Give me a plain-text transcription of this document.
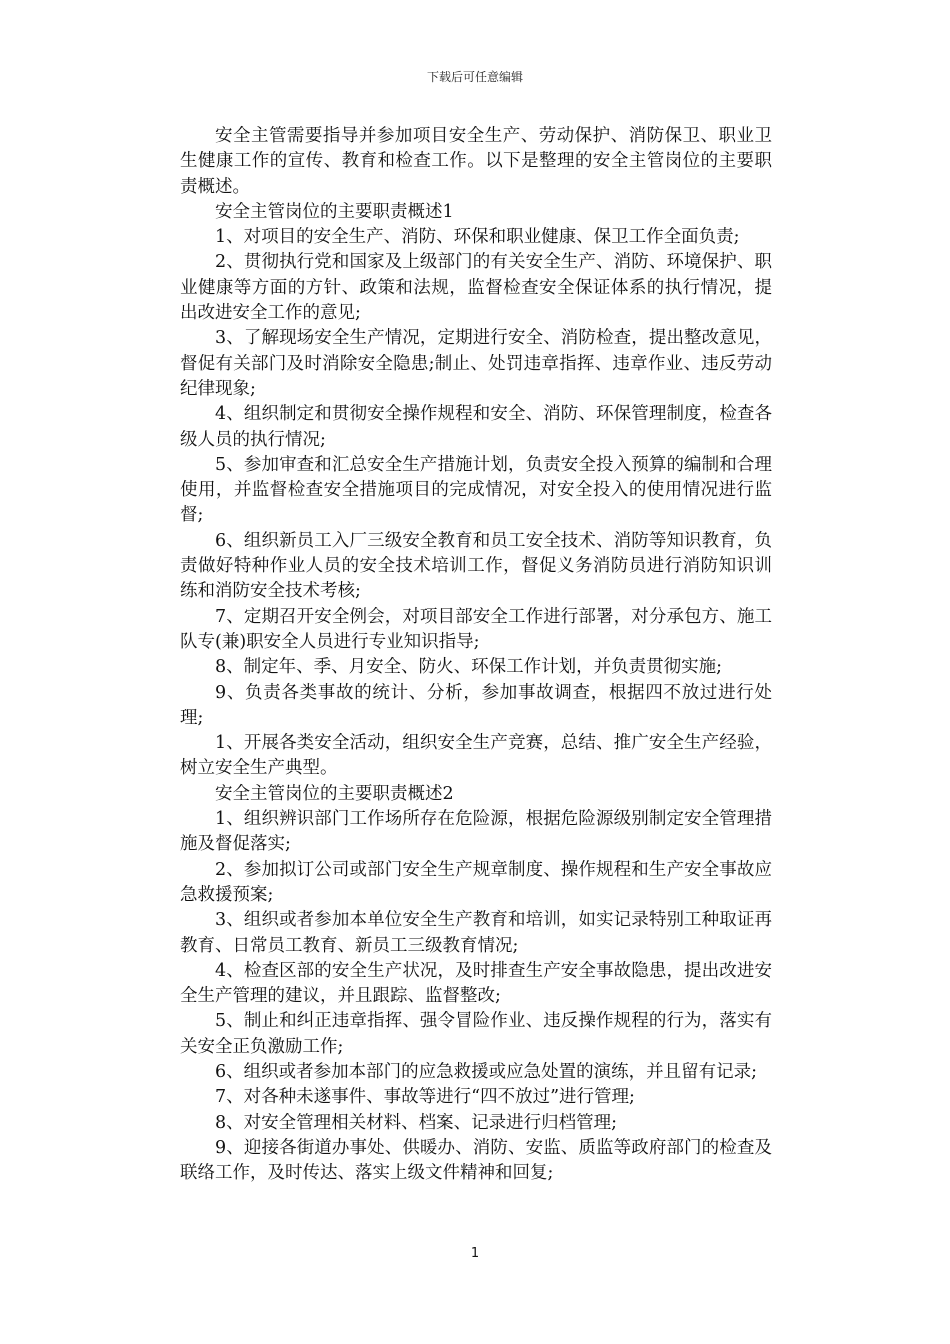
下载后可任意编辑

安全主管需要指导并参加项目安全生产、劳动保护、消防保卫、职业卫生健康工作的宣传、教育和检查工作。以下是整理的安全主管岗位的主要职责概述。

安全主管岗位的主要职责概述1

1、对项目的安全生产、消防、环保和职业健康、保卫工作全面负责;

2、贯彻执行党和国家及上级部门的有关安全生产、消防、环境保护、职业健康等方面的方针、政策和法规，监督检查安全保证体系的执行情况，提出改进安全工作的意见;

3、了解现场安全生产情况，定期进行安全、消防检查，提出整改意见，督促有关部门及时消除安全隐患;制止、处罚违章指挥、违章作业、违反劳动纪律现象;

4、组织制定和贯彻安全操作规程和安全、消防、环保管理制度，检查各级人员的执行情况;

5、参加审查和汇总安全生产措施计划，负责安全投入预算的编制和合理使用，并监督检查安全措施项目的完成情况，对安全投入的使用情况进行监督;

6、组织新员工入厂三级安全教育和员工安全技术、消防等知识教育，负责做好特种作业人员的安全技术培训工作，督促义务消防员进行消防知识训练和消防安全技术考核;

7、定期召开安全例会，对项目部安全工作进行部署，对分承包方、施工队专(兼)职安全人员进行专业知识指导;

8、制定年、季、月安全、防火、环保工作计划，并负责贯彻实施;

9、负责各类事故的统计、分析，参加事故调查，根据四不放过进行处理;

1、开展各类安全活动，组织安全生产竞赛，总结、推广安全生产经验，树立安全生产典型。

安全主管岗位的主要职责概述2

1、组织辨识部门工作场所存在危险源，根据危险源级别制定安全管理措施及督促落实;

2、参加拟订公司或部门安全生产规章制度、操作规程和生产安全事故应急救援预案;

3、组织或者参加本单位安全生产教育和培训，如实记录特别工种取证再教育、日常员工教育、新员工三级教育情况;

4、检查区部的安全生产状况，及时排查生产安全事故隐患，提出改进安全生产管理的建议，并且跟踪、监督整改;

5、制止和纠正违章指挥、强令冒险作业、违反操作规程的行为，落实有关安全正负激励工作;

6、组织或者参加本部门的应急救援或应急处置的演练，并且留有记录;

7、对各种未遂事件、事故等进行“四不放过”进行管理;

8、对安全管理相关材料、档案、记录进行归档管理;

9、迎接各街道办事处、供暖办、消防、安监、质监等政府部门的检查及联络工作，及时传达、落实上级文件精神和回复;

1
